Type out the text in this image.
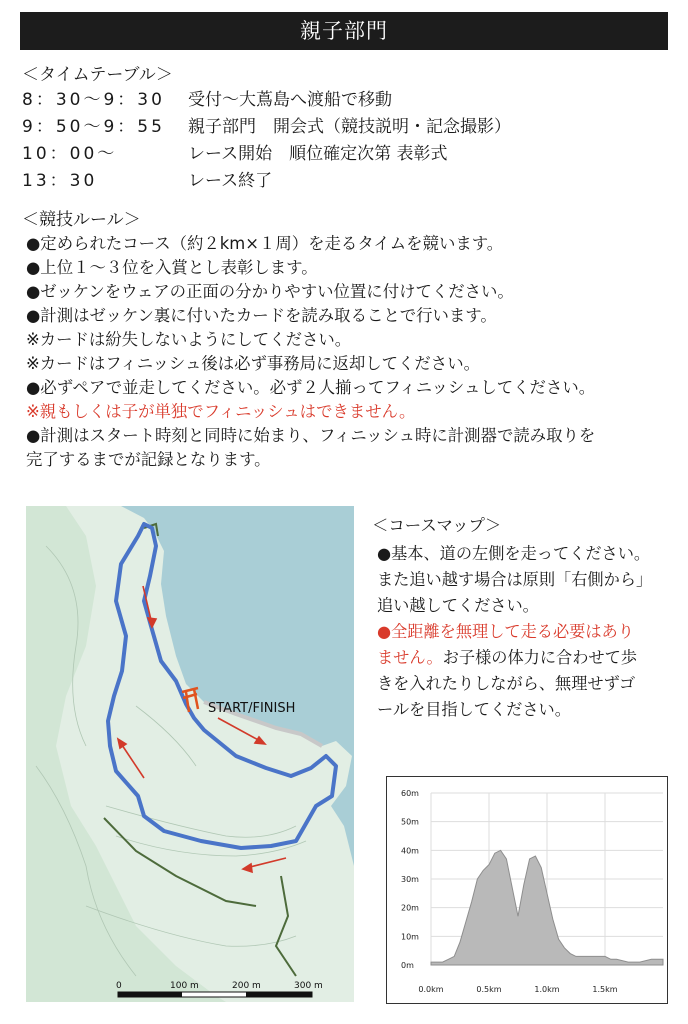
親子部門
＜タイムテーブル＞
8：30〜9：30	受付〜大蔦島へ渡船で移動
9：50〜9：55	親子部門　開会式（競技説明・記念撮影）
10：00〜	レース開始　順位確定次第 表彰式
13：30	レース終了
＜競技ルール＞
●定められたコース（約２km×１周）を走るタイムを競います。
●上位１〜３位を入賞とし表彰します。
●ゼッケンをウェアの正面の分かりやすい位置に付けてください。
●計測はゼッケン裏に付いたカードを読み取ることで行います。
※カードは紛失しないようにしてください。
※カードはフィニッシュ後は必ず事務局に返却してください。
●必ずペアで並走してください。必ず２人揃ってフィニッシュしてください。
※親もしくは子が単独でフィニッシュはできません。
●計測はスタート時刻と同時に始まり、フィニッシュ時に計測器で読み取りを
完了するまでが記録となります。
START/FINISH
0	100 m	200 m	300 m
＜コースマップ＞
●基本、道の左側を走ってください。
また追い越す場合は原則「右側から」
追い越してください。
●全距離を無理して走る必要はあり
ません。お子様の体力に合わせて歩
きを入れたりしながら、無理せずゴ
ールを目指してください。
0m
10m
20m
30m
40m
50m
60m
0.0km	0.5km	1.0km	1.5km
